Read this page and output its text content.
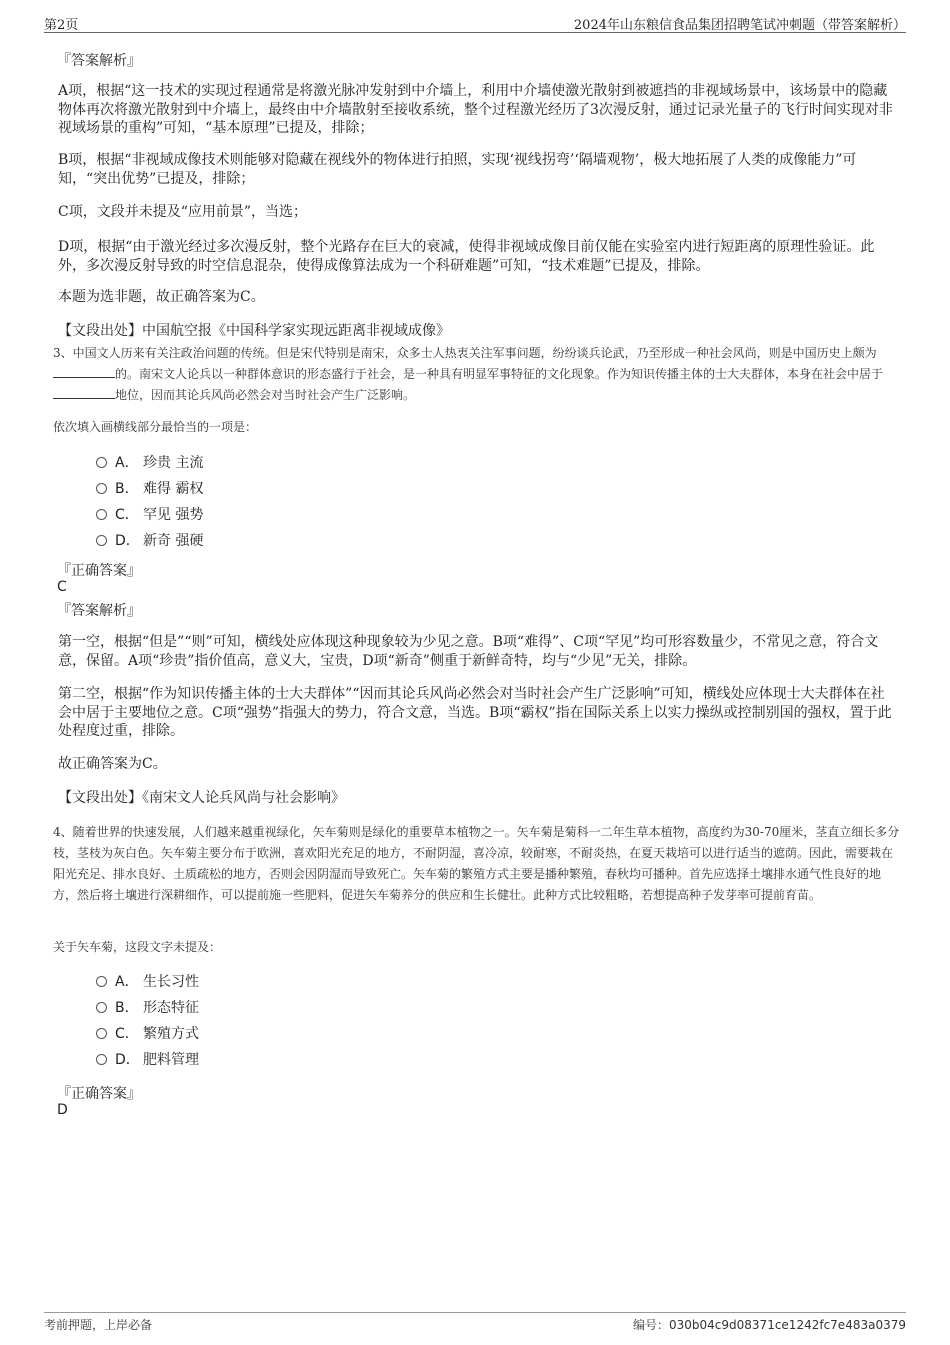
第2页	2024年山东粮信食品集团招聘笔试冲刺题（带答案解析）
『答案解析』
A项，根据“这一技术的实现过程通常是将激光脉冲发射到中介墙上，利用中介墙使激光散射到被遮挡的非视域场景中，该场景中的隐藏物体再次将激光散射到中介墙上，最终由中介墙散射至接收系统，整个过程激光经历了3次漫反射，通过记录光量子的飞行时间实现对非视域场景的重构”可知，“基本原理”已提及，排除；
B项，根据“非视域成像技术则能够对隐藏在视线外的物体进行拍照，实现‘视线拐弯’‘隔墙观物’，极大地拓展了人类的成像能力”可知，“突出优势”已提及，排除；
C项，文段并未提及“应用前景”，当选；
D项，根据“由于激光经过多次漫反射，整个光路存在巨大的衰减，使得非视域成像目前仅能在实验室内进行短距离的原理性验证。此外，多次漫反射导致的时空信息混杂，使得成像算法成为一个科研难题”可知，“技术难题”已提及，排除。
本题为选非题，故正确答案为C。
【文段出处】中国航空报《中国科学家实现远距离非视域成像》
3、中国文人历来有关注政治问题的传统。但是宋代特别是南宋，众多士人热衷关注军事问题，纷纷谈兵论武，乃至形成一种社会风尚，则是中国历史上颇为的。南宋文人论兵以一种群体意识的形态盛行于社会，是一种具有明显军事特征的文化现象。作为知识传播主体的士大夫群体，本身在社会中居于地位，因而其论兵风尚必然会对当时社会产生广泛影响。
依次填入画横线部分最恰当的一项是：
A． 珍贵 主流
B． 难得 霸权
C． 罕见 强势
D． 新奇 强硬
『正确答案』
C
『答案解析』
第一空，根据“但是”“则”可知，横线处应体现这种现象较为少见之意。B项“难得”、C项“罕见”均可形容数量少，不常见之意，符合文意，保留。A项“珍贵”指价值高，意义大，宝贵，D项“新奇”侧重于新鲜奇特，均与“少见”无关，排除。
第二空，根据“作为知识传播主体的士大夫群体”“因而其论兵风尚必然会对当时社会产生广泛影响”可知，横线处应体现士大夫群体在社会中居于主要地位之意。C项“强势”指强大的势力，符合文意，当选。B项“霸权”指在国际关系上以实力操纵或控制别国的强权，置于此处程度过重，排除。
故正确答案为C。
【文段出处】《南宋文人论兵风尚与社会影响》
4、随着世界的快速发展，人们越来越重视绿化，矢车菊则是绿化的重要草本植物之一。矢车菊是菊科一二年生草本植物，高度约为30-70厘米，茎直立细长多分枝，茎枝为灰白色。矢车菊主要分布于欧洲，喜欢阳光充足的地方，不耐阴湿，喜冷凉，较耐寒，不耐炎热，在夏天栽培可以进行适当的遮荫。因此，需要栽在阳光充足、排水良好、土质疏松的地方，否则会因阴湿而导致死亡。矢车菊的繁殖方式主要是播种繁殖，春秋均可播种。首先应选择土壤排水通气性良好的地方，然后将土壤进行深耕细作，可以提前施一些肥料，促进矢车菊养分的供应和生长健壮。此种方式比较粗略，若想提高种子发芽率可提前育苗。
关于矢车菊，这段文字未提及：
A． 生长习性
B． 形态特征
C． 繁殖方式
D． 肥料管理
『正确答案』
D
考前押题，上岸必备	编号：030b04c9d08371ce1242fc7e483a0379
